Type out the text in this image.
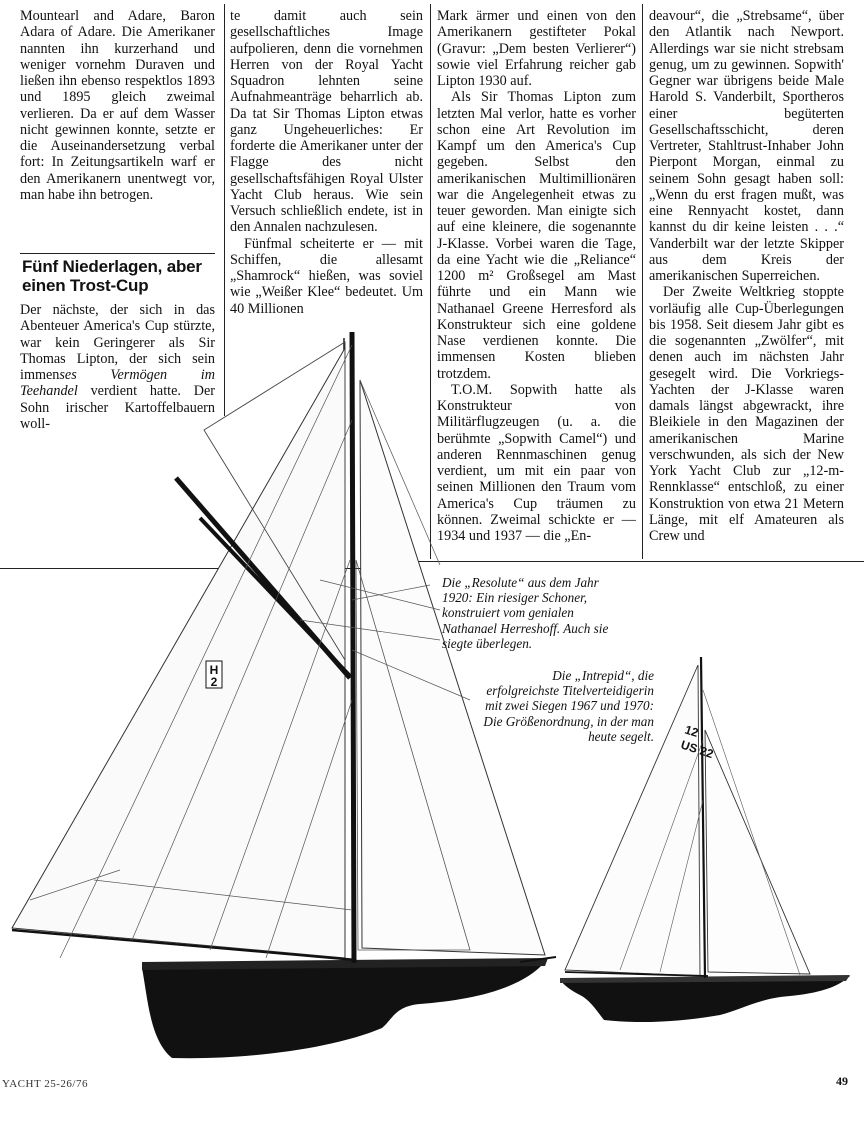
Mountearl and Adare, Baron Adara of Adare. Die Amerikaner nannten ihn kurzerhand und weniger vornehm Duraven und ließen ihn ebenso respektlos 1893 und 1895 gleich zweimal verlieren. Da er auf dem Wasser nicht gewinnen konnte, setzte er die Auseinandersetzung verbal fort: In Zeitungsartikeln warf er den Amerikanern unentwegt vor, man habe ihn betrogen.

Fünf Niederlagen, aber einen Trost-Cup

Der nächste, der sich in das Abenteuer America's Cup stürzte, war kein Geringerer als Sir Thomas Lipton, der sich sein immenses Vermögen im Teehandel verdient hatte. Der Sohn irischer Kartoffelbauern woll-

te damit auch sein gesellschaftliches Image aufpolieren, denn die vornehmen Herren von der Royal Yacht Squadron lehnten seine Aufnahmeanträge beharrlich ab. Da tat Sir Thomas Lipton etwas ganz Ungeheuerliches: Er forderte die Amerikaner unter der Flagge des nicht gesellschaftsfähigen Royal Ulster Yacht Club heraus. Wie sein Versuch schließlich endete, ist in den Annalen nachzulesen.

Fünfmal scheiterte er — mit Schiffen, die allesamt „Shamrock“ hießen, was soviel wie „Weißer Klee“ bedeutet. Um 40 Millionen

Mark ärmer und einen von den Amerikanern gestifteter Pokal (Gravur: „Dem besten Verlierer“) sowie viel Erfahrung reicher gab Lipton 1930 auf.

Als Sir Thomas Lipton zum letzten Mal verlor, hatte es vorher schon eine Art Revolution im Kampf um den America's Cup gegeben. Selbst den amerikanischen Multimillionären war die Angelegenheit etwas zu teuer geworden. Man einigte sich auf eine kleinere, die sogenannte J-Klasse. Vorbei waren die Tage, da eine Yacht wie die „Reliance“ 1200 m² Großsegel am Mast führte und ein Mann wie Nathanael Greene Herresford als Konstrukteur sich eine goldene Nase verdienen konnte. Die immensen Kosten blieben trotzdem.

T.O.M. Sopwith hatte als Konstrukteur von Militärflugzeugen (u. a. die berühmte „Sopwith Camel“) und anderen Rennmaschinen genug verdient, um mit ein paar von seinen Millionen den Traum vom America's Cup träumen zu können. Zweimal schickte er — 1934 und 1937 — die „En-

deavour“, die „Strebsame“, über den Atlantik nach Newport. Allerdings war sie nicht strebsam genug, um zu gewinnen. Sopwith' Gegner war übrigens beide Male Harold S. Vanderbilt, Sportheros einer begüterten Gesellschaftsschicht, deren Vertreter, Stahltrust-Inhaber John Pierpont Morgan, einmal zu seinem Sohn gesagt haben soll: „Wenn du erst fragen mußt, was eine Rennyacht kostet, dann kannst du dir keine leisten . . .“ Vanderbilt war der letzte Skipper aus dem Kreis der amerikanischen Superreichen.

Der Zweite Weltkrieg stoppte vorläufig alle Cup-Überlegungen bis 1958. Seit diesem Jahr gibt es die sogenannten „Zwölfer“, mit denen auch im nächsten Jahr gesegelt wird. Die Vorkriegs-Yachten der J-Klasse waren damals längst abgewrackt, ihre Bleikiele in den Magazinen der amerikanischen Marine verschwunden, als sich der New York Yacht Club zur „12-m-Rennklasse“ entschloß, zu einer Konstruktion von etwa 21 Metern Länge, mit elf Amateuren als Crew und

H
2
12
US 22
Die „Resolute“ aus dem Jahr 1920: Ein riesiger Schoner, konstruiert vom genialen Nathanael Herreshoff. Auch sie siegte überlegen.
Die „Intrepid“, die erfolgreichste Titelverteidigerin mit zwei Siegen 1967 und 1970: Die Größenordnung, in der man heute segelt.
YACHT 25-26/76	49
